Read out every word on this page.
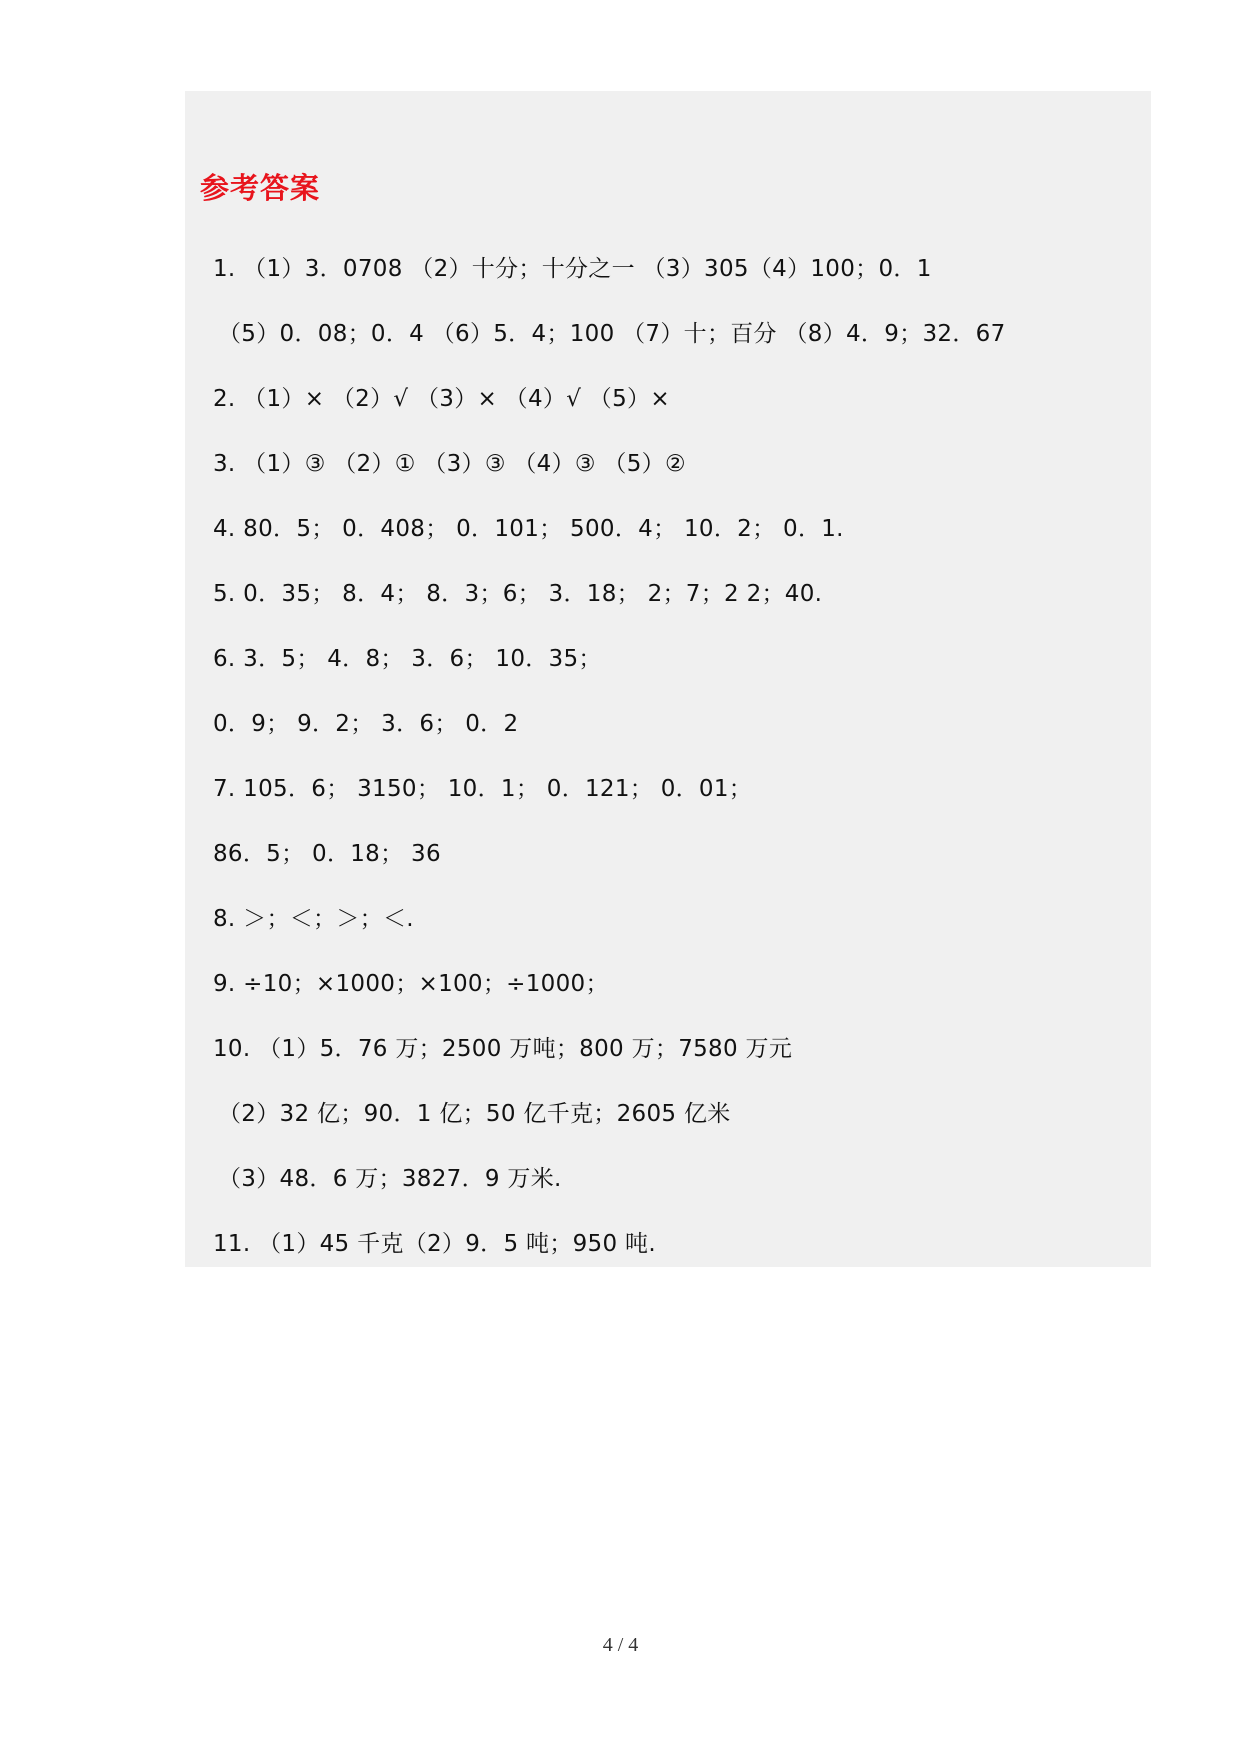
参考答案
1. （1）3．0708 （2）十分；十分之一 （3）305（4）100；0．1
（5）0．08；0．4 （6）5．4；100 （7）十；百分 （8）4．9；32．67
2. （1）× （2）√ （3）× （4）√ （5）×
3. （1）③ （2）① （3）③ （4）③ （5）②
4. 80．5； 0．408； 0．101； 500．4； 10．2； 0．1.
5. 0．35； 8．4； 8．3；6； 3．18； 2；7；2 2；40.
6. 3．5； 4．8； 3．6； 10．35；
0．9； 9．2； 3．6； 0．2
7. 105．6； 3150； 10．1； 0．121； 0．01；
86．5； 0．18； 36
8. ＞；＜；＞；＜.
9. ÷10；×1000；×100；÷1000；
10. （1）5．76 万；2500 万吨；800 万；7580 万元
（2）32 亿；90．1 亿；50 亿千克；2605 亿米
（3）48．6 万；3827．9 万米.
11. （1）45 千克（2）9．5 吨；950 吨.
4 / 4
